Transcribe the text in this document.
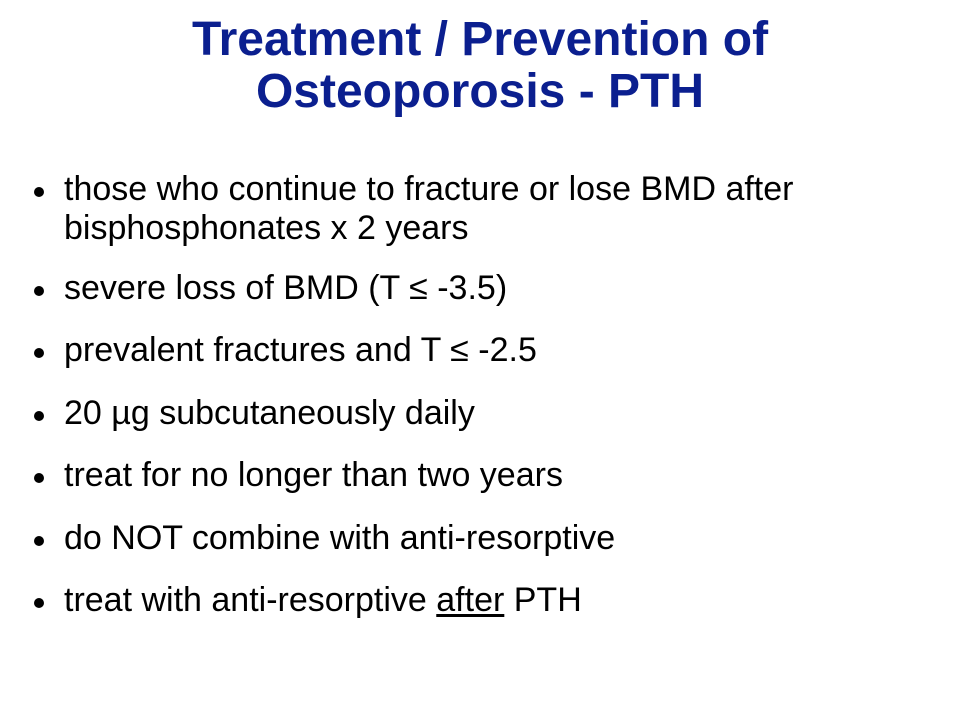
Treatment / Prevention of
Osteoporosis - PTH
those who continue to fracture or lose BMD after bisphosphonates x 2 years
severe loss of BMD (T ≤ -3.5)
prevalent fractures and T ≤ -2.5
20 µg subcutaneously daily
treat for no longer than two years
do NOT combine with anti-resorptive
treat with anti-resorptive after PTH
